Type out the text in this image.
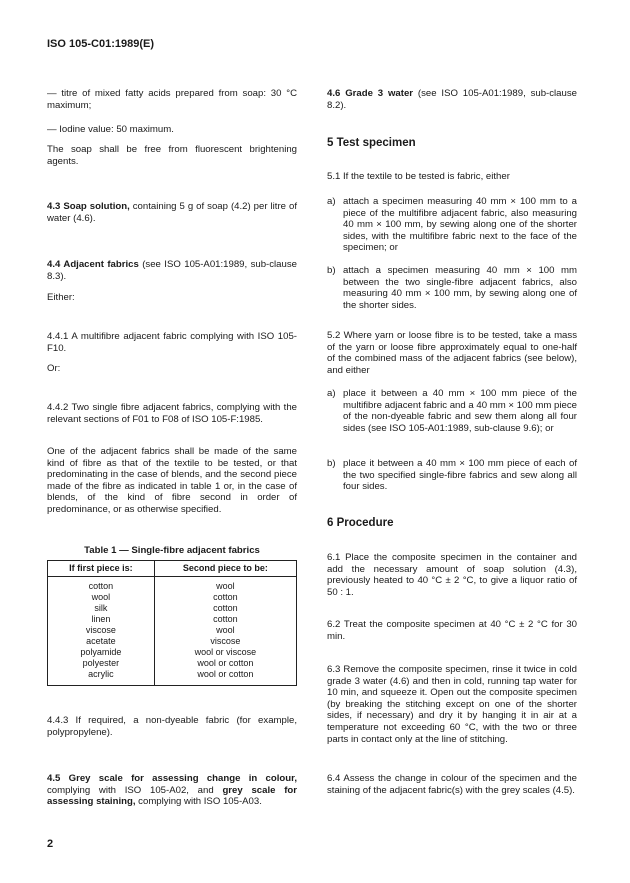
ISO 105-C01:1989(E)

— titre of mixed fatty acids prepared from soap: 30 °C maximum;

— Iodine value: 50 maximum.

The soap shall be free from fluorescent brightening agents.

4.3 Soap solution, containing 5 g of soap (4.2) per litre of water (4.6).

4.4 Adjacent fabrics (see ISO 105-A01:1989, sub-clause 8.3).

Either:

4.4.1 A multifibre adjacent fabric complying with ISO 105-F10.

Or:

4.4.2 Two single fibre adjacent fabrics, complying with the relevant sections of F01 to F08 of ISO 105-F:1985.

One of the adjacent fabrics shall be made of the same kind of fibre as that of the textile to be tested, or that predominating in the case of blends, and the second piece made of the fibre as indicated in table 1 or, in the case of blends, of the kind of fibre second in order of predominance, or as otherwise specified.

Table 1 — Single-fibre adjacent fabrics
If first piece is:	Second piece to be:
cotton	wool
wool	cotton
silk	cotton
linen	cotton
viscose	wool
acetate	viscose
polyamide	wool or viscose
polyester	wool or cotton
acrylic	wool or cotton

4.4.3 If required, a non-dyeable fabric (for example, polypropylene).

4.5 Grey scale for assessing change in colour, complying with ISO 105-A02, and grey scale for assessing staining, complying with ISO 105-A03.

4.6 Grade 3 water (see ISO 105-A01:1989, sub-clause 8.2).

5 Test specimen

5.1 If the textile to be tested is fabric, either

a) attach a specimen measuring 40 mm × 100 mm to a piece of the multifibre adjacent fabric, also measuring 40 mm × 100 mm, by sewing along one of the shorter sides, with the multifibre fabric next to the face of the specimen; or
b) attach a specimen measuring 40 mm × 100 mm between the two single-fibre adjacent fabrics, also measuring 40 mm × 100 mm, by sewing along one of the shorter sides.

5.2 Where yarn or loose fibre is to be tested, take a mass of the yarn or loose fibre approximately equal to one-half of the combined mass of the adjacent fabrics (see below), and either

a) place it between a 40 mm × 100 mm piece of the multifibre adjacent fabric and a 40 mm × 100 mm piece of the non-dyeable fabric and sew them along all four sides (see ISO 105-A01:1989, sub-clause 9.6); or
b) place it between a 40 mm × 100 mm piece of each of the two specified single-fibre fabrics and sew along all four sides.
6 Procedure

6.1 Place the composite specimen in the container and add the necessary amount of soap solution (4.3), previously heated to 40 °C ± 2 °C, to give a liquor ratio of 50 : 1.

6.2 Treat the composite specimen at 40 °C ± 2 °C for 30 min.

6.3 Remove the composite specimen, rinse it twice in cold grade 3 water (4.6) and then in cold, running tap water for 10 min, and squeeze it. Open out the composite specimen (by breaking the stitching except on one of the shorter sides, if necessary) and dry it by hanging it in air at a temperature not exceeding 60 °C, with the two or three parts in contact only at the line of stitching.

6.4 Assess the change in colour of the specimen and the staining of the adjacent fabric(s) with the grey scales (4.5).

2
